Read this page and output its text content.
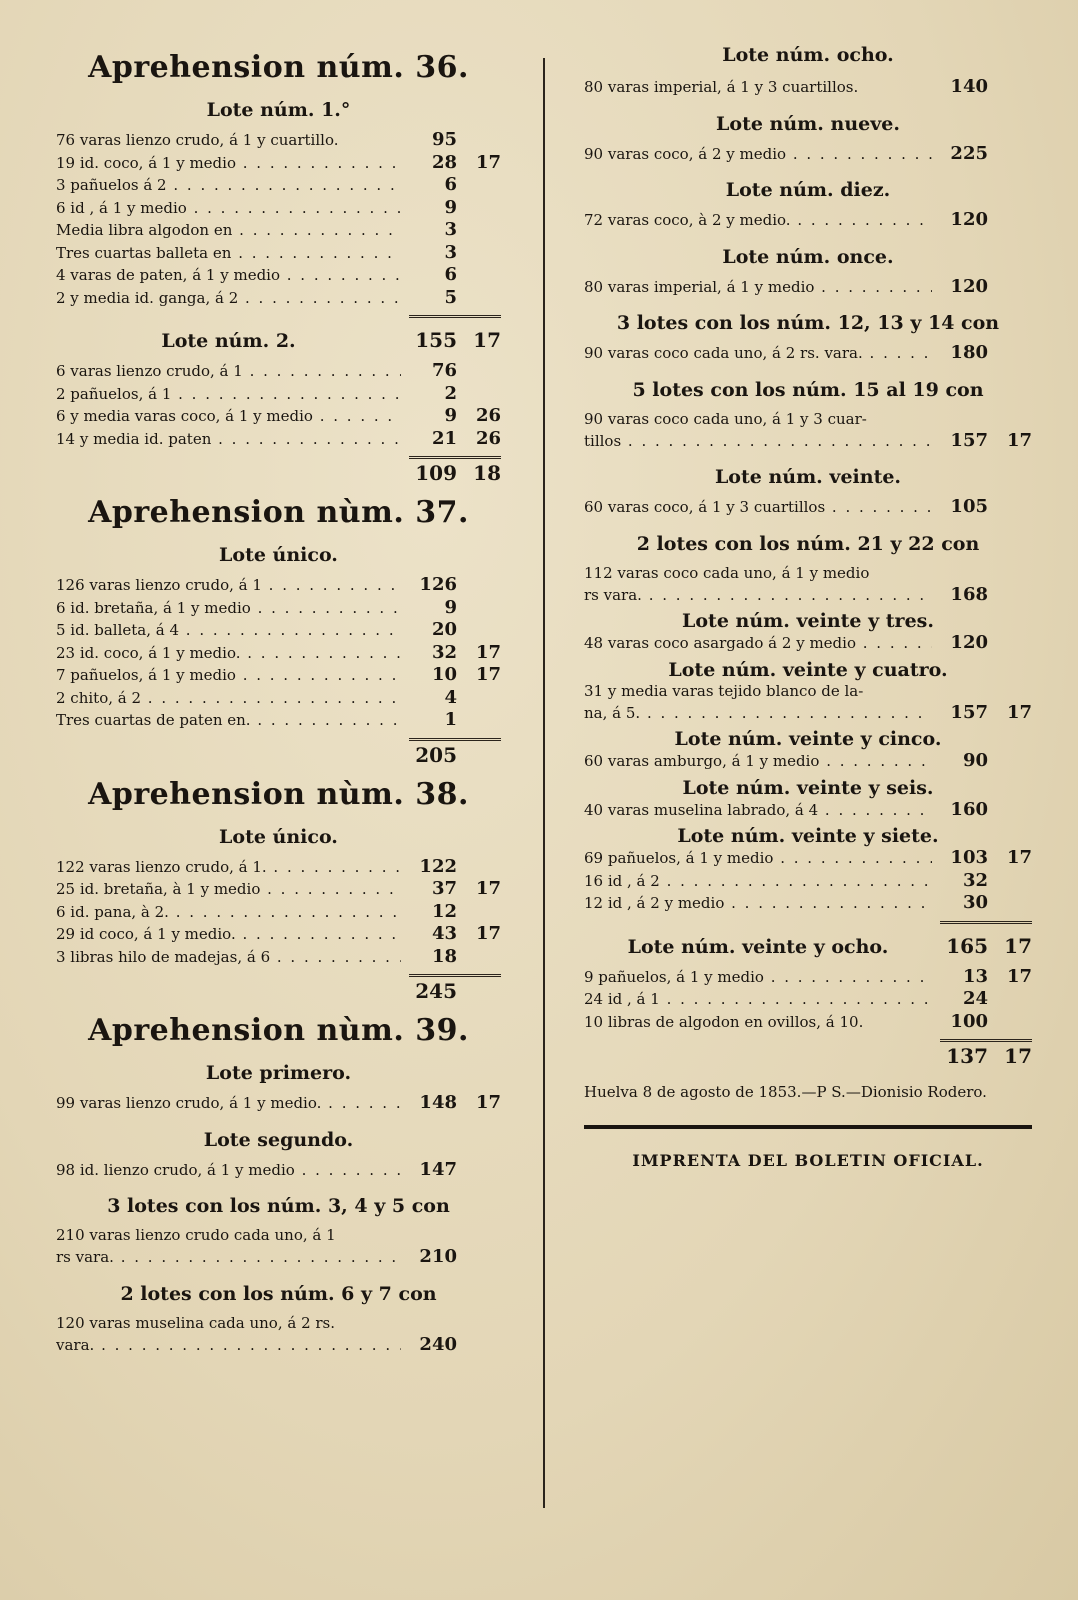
Aprehension núm. 36.
Lote núm. 1.°
76 varas lienzo crudo, á 1 y cuartillo.	95
19 id. coco, á 1 y medio . . .	28	17
3 pañuelos á 2 . . .	6
6 id , á 1 y medio . . .	9
Media libra algodon en . . .	3
Tres cuartas balleta en . . .	3
4 varas de paten, á 1 y medio . . .	6
2 y media id. ganga, á 2 . . .	5
Lote núm. 2.	155 17
6 varas lienzo crudo, á 1 . . .	76
2 pañuelos, á 1 . . .	2
6 y media varas coco, á 1 y medio . . .	9	26
14 y media id. paten . . .	21	26
109 18
Aprehension nùm. 37.
Lote único.
126 varas lienzo crudo, á 1 . . .	126
6 id. bretaña, á 1 y medio . . .	9
5 id. balleta, á 4 . . .	20
23 id. coco, á 1 y medio. . . .	32	17
7 pañuelos, á 1 y medio . . .	10	17
2 chito, á 2 . . .	4
Tres cuartas de paten en. . . .	1
205
Aprehension nùm. 38.
Lote único.
122 varas lienzo crudo, á 1. . . .	122
25 id. bretaña, à 1 y medio . . .	37	17
6 id. pana, à 2. . . .	12
29 id coco, á 1 y medio. . . .	43	17
3 libras hilo de madejas, á 6 . . .	18
245
Aprehension nùm. 39.
Lote primero.
99 varas lienzo crudo, á 1 y medio. . . .	148	17
Lote segundo.
98 id. lienzo crudo, á 1 y medio . . .	147
3 lotes con los núm. 3, 4 y 5 con
210 varas lienzo crudo cada uno, á 1
rs vara. . . .	210
2 lotes con los núm. 6 y 7 con
120 varas muselina cada uno, á 2 rs.
vara. . . .	240
Lote núm. ocho.
80 varas imperial, á 1 y 3 cuartillos.	140
Lote núm. nueve.
90 varas coco, á 2 y medio . . .	225
Lote núm. diez.
72 varas coco, à 2 y medio. . . .	120
Lote núm. once.
80 varas imperial, á 1 y medio . . .	120
3 lotes con los núm. 12, 13 y 14 con
90 varas coco cada uno, á 2 rs. vara. . . .	180
5 lotes con los núm. 15 al 19 con
90 varas coco cada uno, á 1 y 3 cuar-
tillos . . .	157	17
Lote núm. veinte.
60 varas coco, á 1 y 3 cuartillos . . .	105
2 lotes con los núm. 21 y 22 con
112 varas coco cada uno, á 1 y medio
rs vara. . . .	168
Lote núm. veinte y tres.
48 varas coco asargado á 2 y medio . . .	120
Lote núm. veinte y cuatro.
31 y media varas tejido blanco de la-
na, á 5. . . .	157	17
Lote núm. veinte y cinco.
60 varas amburgo, á 1 y medio . . .	90
Lote núm. veinte y seis.
40 varas muselina labrado, á 4 . . .	160
Lote núm. veinte y siete.
69 pañuelos, á 1 y medio . . .	103	17
16 id , á 2 . . .	32
12 id , á 2 y medio . . .	30
Lote núm. veinte y ocho.	165 17
9 pañuelos, á 1 y medio . . .	13	17
24 id , á 1 . . .	24
10 libras de algodon en ovillos, á 10.	100
137 17
Huelva 8 de agosto de 1853.—P S.—Dionisio Rodero.
IMPRENTA DEL BOLETIN OFICIAL.
